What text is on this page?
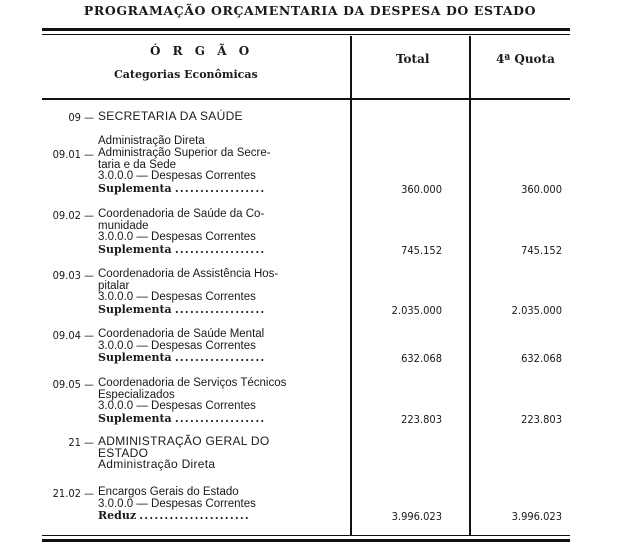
PROGRAMAÇÃO ORÇAMENTARIA DA DESPESA DO ESTADO
Ó R G Ã O
Categorias Econômicas
Total	4ª Quota
09 — SECRETARIA DA SAÚDE
Administração Direta
09.01 — Administração Superior da Secre-
taria e da Sede
3.0.0.0 — Despesas Correntes
Suplementa ..................	360.000	360.000
09.02 — Coordenadoria de Saúde da Co-
munidade
3.0.0.0 — Despesas Correntes
Suplementa ..................	745.152	745.152
09.03 — Coordenadoria de Assistência Hos-
pitalar
3.0.0.0 — Despesas Correntes
Suplementa ..................	2.035.000	2.035.000
09.04 — Coordenadoria de Saúde Mental
3.0.0.0 — Despesas Correntes
Suplementa ..................	632.068	632.068
09.05 — Coordenadoria de Serviços Técnicos
Especializados
3.0.0.0 — Despesas Correntes
Suplementa ..................	223.803	223.803
21 — ADMINISTRAÇÃO GERAL DO
ESTADO
Administração Direta
21.02 — Encargos Gerais do Estado
3.0.0.0 — Despesas Correntes
Reduz ......................	3.996.023	3.996.023
